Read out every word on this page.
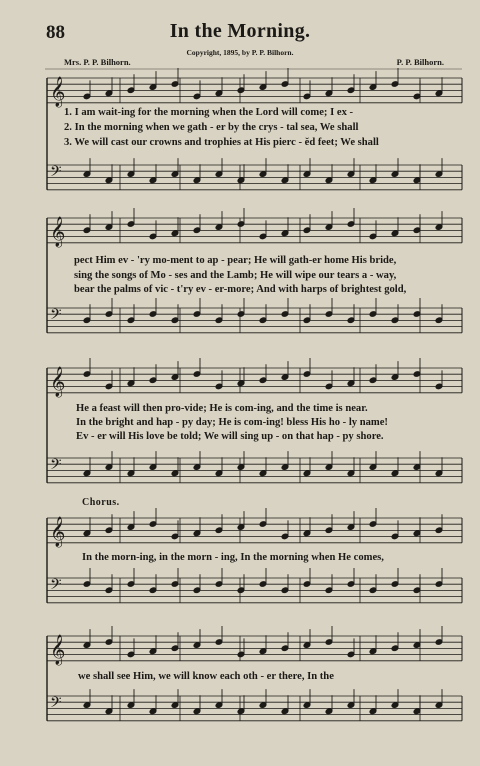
88	In the Morning.
Copyright, 1895, by P. P. Bilhorn.
Mrs. P. P. Bilhorn.	P. P. Bilhorn.
𝄞
𝄢
𝄞
𝄢
𝄞
𝄢
𝄞
𝄢
𝄞
𝄢
1. I am wait-ing for the morning when the Lord will come; I ex -
2. In the morning when we gath - er by the crys - tal sea, We shall
3. We will cast our crowns and trophies at His pierc - ĕd feet; We shall
pect Him ev - 'ry mo-ment to ap - pear; He will gath-er home His bride,
sing the songs of Mo - ses and the Lamb; He will wipe our tears a - way,
bear the palms of vic - t'ry ev - er-more; And with harps of brightest gold,
He a feast will then pro-vide; He is com-ing, and the time is near.
In the bright and hap - py day; He is com-ing! bless His ho - ly name!
Ev - er will His love be told; We will sing up - on that hap - py shore.
Chorus.
In the morn-ing, in the morn - ing, In the morning when He comes,
we shall see Him, we will know each oth - er there, In the
